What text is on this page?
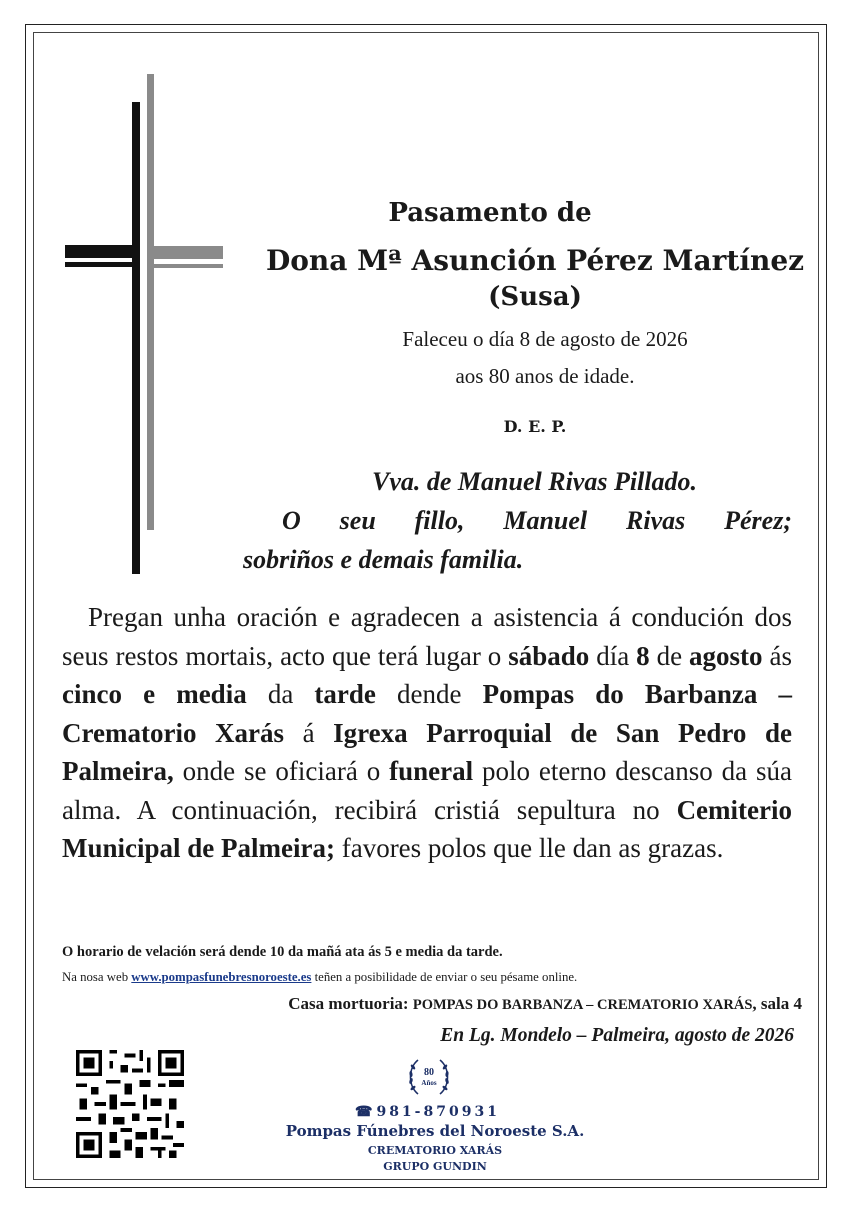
Pasamento de
Dona Mª Asunción Pérez Martínez
(Susa)
Faleceu o día 8 de agosto de 2026
aos 80 anos de idade.
D. E. P.
Vva. de Manuel Rivas Pillado.
O seu fillo, Manuel Rivas Pérez;
sobriños e demais familia.
Pregan unha oración e agradecen a asistencia á condución dos seus restos mortais, acto que terá lugar o sábado día 8 de agosto ás cinco e media da tarde dende Pompas do Barbanza – Crematorio Xarás á Igrexa Parroquial de San Pedro de Palmeira, onde se oficiará o funeral polo eterno descanso da súa alma. A continuación, recibirá cristiá sepultura no Cemiterio Municipal de Palmeira; favores polos que lle dan as grazas.
O horario de velación será dende 10 da mañá ata ás 5 e media da tarde.
Na nosa web www.pompasfunebresnoroeste.es teñen a posibilidade de enviar o seu pésame online.
Casa mortuoria: POMPAS DO BARBANZA – CREMATORIO XARÁS, sala 4
En Lg. Mondelo – Palmeira, agosto de 2026
80
Años
☎ 981-870931
Pompas Fúnebres del Noroeste S.A.
CREMATORIO XARÁS
GRUPO GUNDIN
